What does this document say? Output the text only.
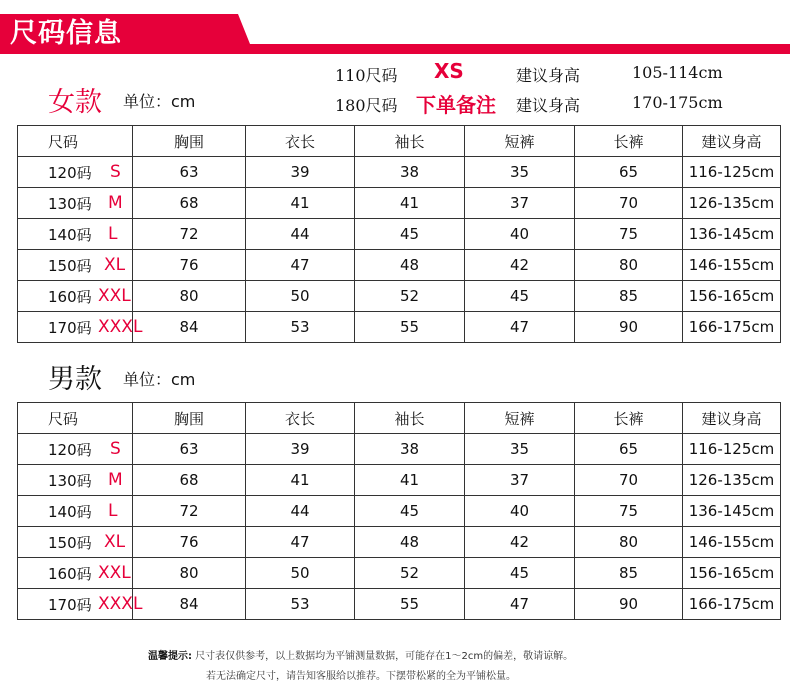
尺码信息
女款 单位：cm
110尺码 XS	建议身高	105-114cm
180尺码 下单备注 建议身高	170-175cm
尺码	胸围	衣长	袖长	短裤	长裤	建议身高
120码 S	63	39	38	35	65	116-125cm
130码 M	68	41	41	37	70	126-135cm
140码 L	72	44	45	40	75	136-145cm
150码 XL	76	47	48	42	80	146-155cm
160码 XXL	80	50	52	45	85	156-165cm
170码 XXXL	84	53	55	47	90	166-175cm
男款 单位：cm
尺码	胸围	衣长	袖长	短裤	长裤	建议身高
120码 S	63	39	38	35	65	116-125cm
130码 M	68	41	41	37	70	126-135cm
140码 L	72	44	45	40	75	136-145cm
150码 XL	76	47	48	42	80	146-155cm
160码 XXL	80	50	52	45	85	156-165cm
170码 XXXL	84	53	55	47	90	166-175cm
温馨提示: 尺寸表仅供参考，以上数据均为平铺测量数据，可能存在1～2cm的偏差，敬请谅解。
若无法确定尺寸，请告知客服给以推荐。下摆带松紧的全为平铺松量。
